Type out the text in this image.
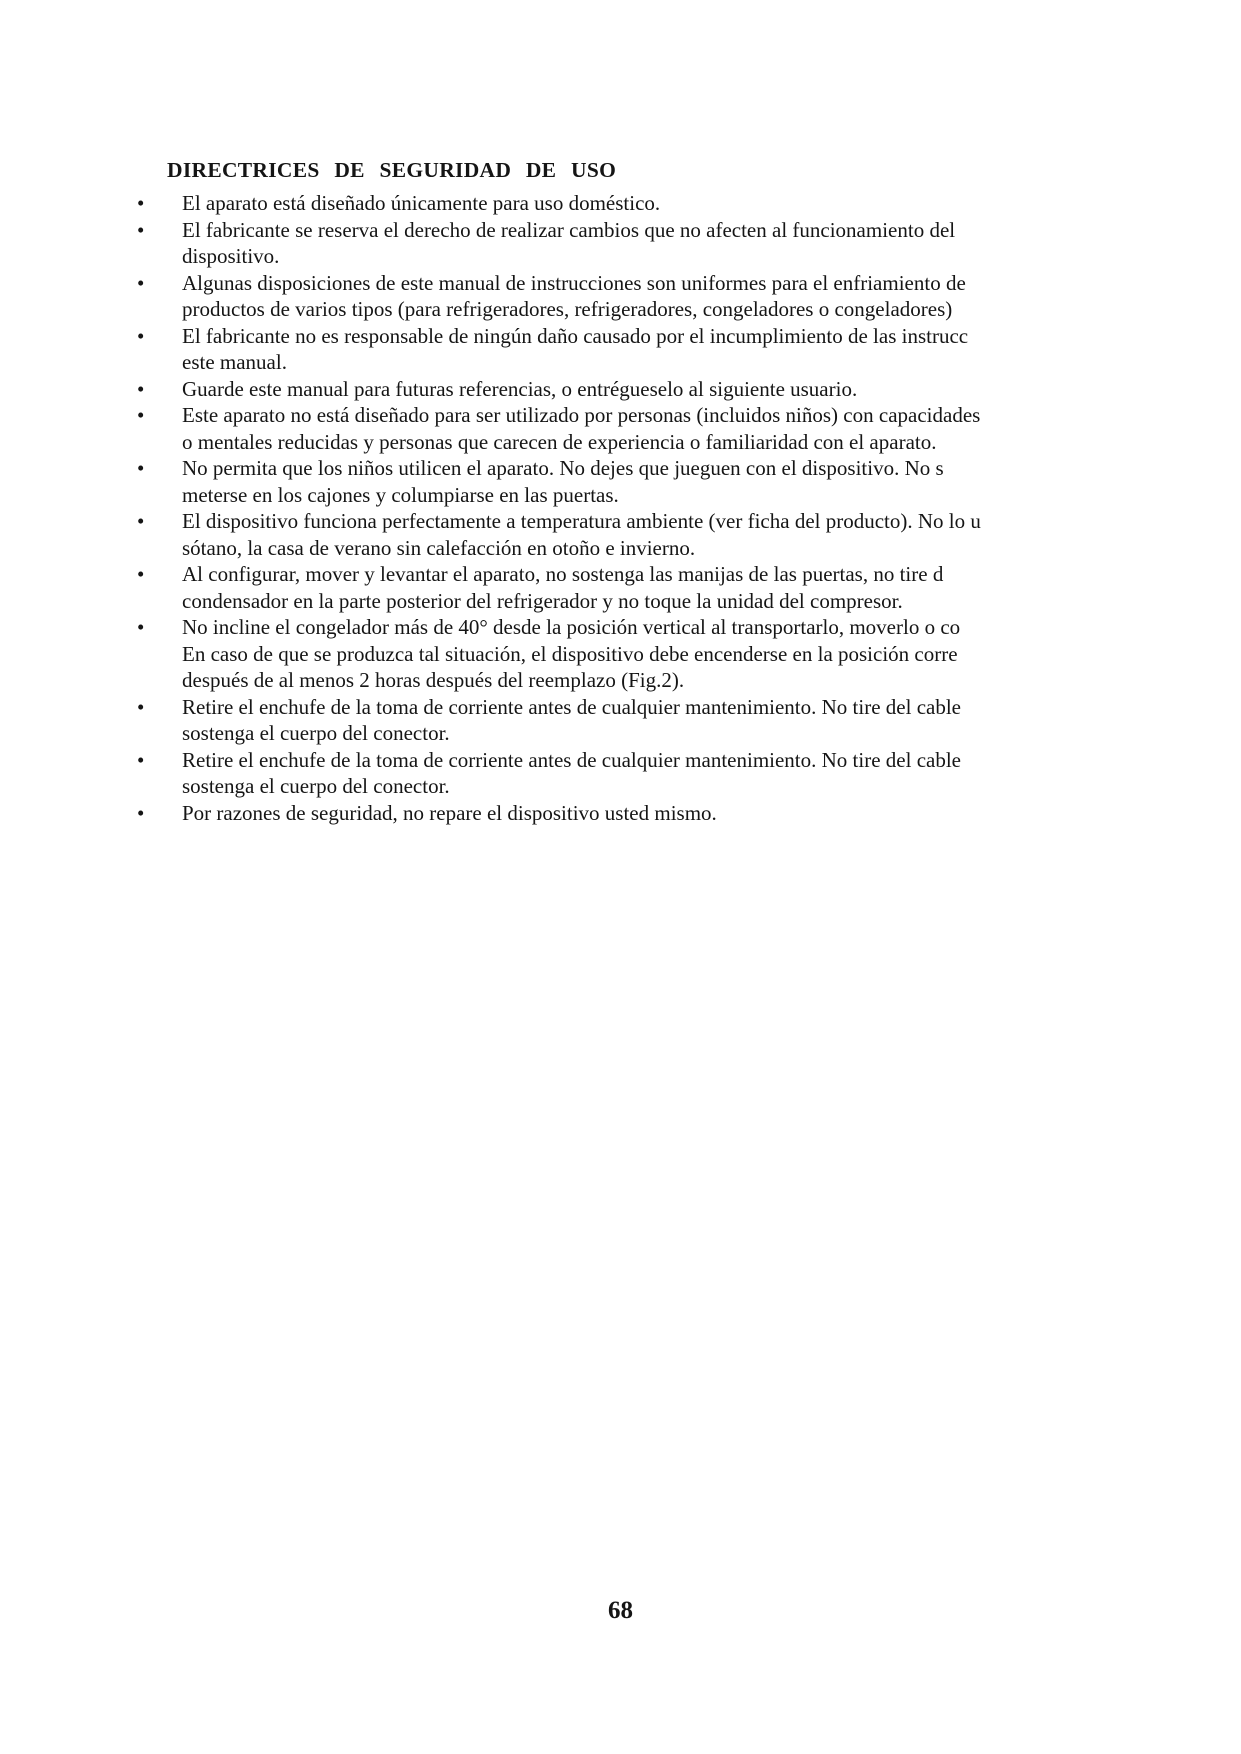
DIRECTRICES DE SEGURIDAD DE USO
• El aparato está diseñado únicamente para uso doméstico.
• El fabricante se reserva el derecho de realizar cambios que no afecten al funcionamiento del
dispositivo.
• Algunas disposiciones de este manual de instrucciones son uniformes para el enfriamiento de
productos de varios tipos (para refrigeradores, refrigeradores, congeladores o congeladores)
• El fabricante no es responsable de ningún daño causado por el incumplimiento de las instrucc
este manual.
• Guarde este manual para futuras referencias, o entrégueselo al siguiente usuario.
• Este aparato no está diseñado para ser utilizado por personas (incluidos niños) con capacidades
o mentales reducidas y personas que carecen de experiencia o familiaridad con el aparato.
• No permita que los niños utilicen el aparato. No dejes que jueguen con el dispositivo. No s
meterse en los cajones y columpiarse en las puertas.
• El dispositivo funciona perfectamente a temperatura ambiente (ver ficha del producto). No lo u
sótano, la casa de verano sin calefacción en otoño e invierno.
• Al configurar, mover y levantar el aparato, no sostenga las manijas de las puertas, no tire d
condensador en la parte posterior del refrigerador y no toque la unidad del compresor.
• No incline el congelador más de 40° desde la posición vertical al transportarlo, moverlo o co
En caso de que se produzca tal situación, el dispositivo debe encenderse en la posición corre
después de al menos 2 horas después del reemplazo (Fig.2).
• Retire el enchufe de la toma de corriente antes de cualquier mantenimiento. No tire del cable
sostenga el cuerpo del conector.
• Retire el enchufe de la toma de corriente antes de cualquier mantenimiento. No tire del cable
sostenga el cuerpo del conector.
• Por razones de seguridad, no repare el dispositivo usted mismo.
68
